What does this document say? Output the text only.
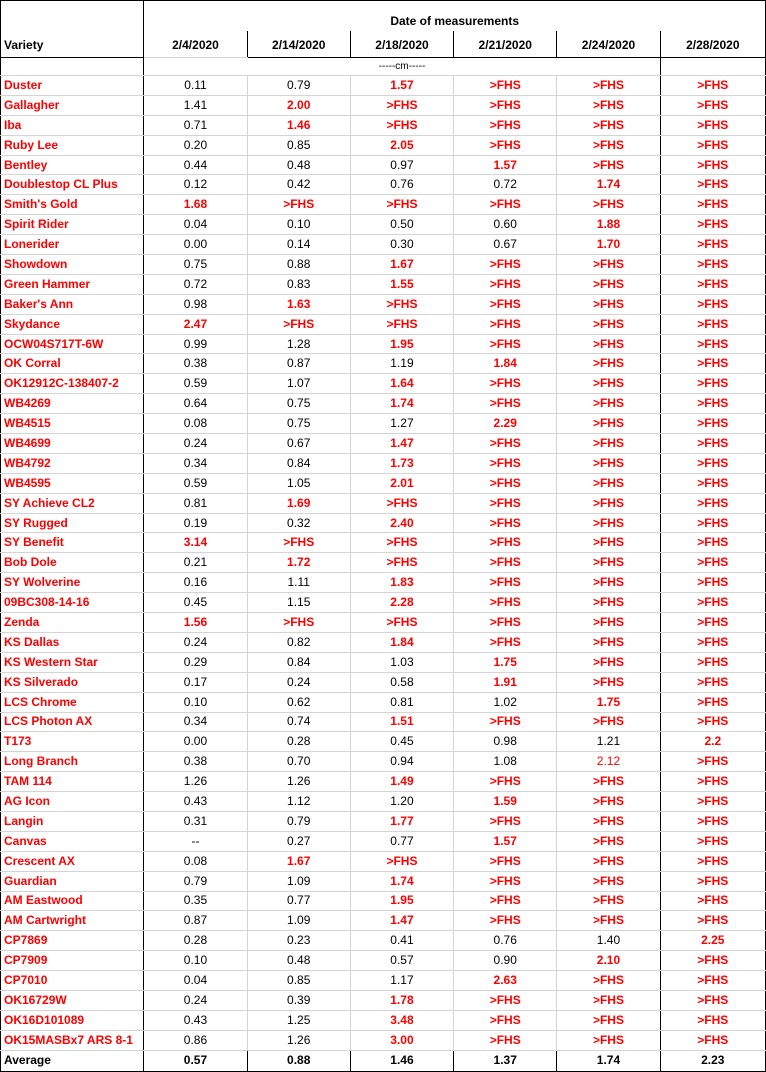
	Date of measurements					
Variety	2/4/2020	2/14/2020	2/18/2020	2/21/2020	2/24/2020	2/28/2020
			-----cm-----			
Duster	0.11	0.79	1.57	>FHS	>FHS	>FHS
Gallagher	1.41	2.00	>FHS	>FHS	>FHS	>FHS
Iba	0.71	1.46	>FHS	>FHS	>FHS	>FHS
Ruby Lee	0.20	0.85	2.05	>FHS	>FHS	>FHS
Bentley	0.44	0.48	0.97	1.57	>FHS	>FHS
Doublestop CL Plus	0.12	0.42	0.76	0.72	1.74	>FHS
Smith's Gold	1.68	>FHS	>FHS	>FHS	>FHS	>FHS
Spirit Rider	0.04	0.10	0.50	0.60	1.88	>FHS
Lonerider	0.00	0.14	0.30	0.67	1.70	>FHS
Showdown	0.75	0.88	1.67	>FHS	>FHS	>FHS
Green Hammer	0.72	0.83	1.55	>FHS	>FHS	>FHS
Baker's Ann	0.98	1.63	>FHS	>FHS	>FHS	>FHS
Skydance	2.47	>FHS	>FHS	>FHS	>FHS	>FHS
OCW04S717T-6W	0.99	1.28	1.95	>FHS	>FHS	>FHS
OK Corral	0.38	0.87	1.19	1.84	>FHS	>FHS
OK12912C-138407-2	0.59	1.07	1.64	>FHS	>FHS	>FHS
WB4269	0.64	0.75	1.74	>FHS	>FHS	>FHS
WB4515	0.08	0.75	1.27	2.29	>FHS	>FHS
WB4699	0.24	0.67	1.47	>FHS	>FHS	>FHS
WB4792	0.34	0.84	1.73	>FHS	>FHS	>FHS
WB4595	0.59	1.05	2.01	>FHS	>FHS	>FHS
SY Achieve CL2	0.81	1.69	>FHS	>FHS	>FHS	>FHS
SY Rugged	0.19	0.32	2.40	>FHS	>FHS	>FHS
SY Benefit	3.14	>FHS	>FHS	>FHS	>FHS	>FHS
Bob Dole	0.21	1.72	>FHS	>FHS	>FHS	>FHS
SY Wolverine	0.16	1.11	1.83	>FHS	>FHS	>FHS
09BC308-14-16	0.45	1.15	2.28	>FHS	>FHS	>FHS
Zenda	1.56	>FHS	>FHS	>FHS	>FHS	>FHS
KS Dallas	0.24	0.82	1.84	>FHS	>FHS	>FHS
KS Western Star	0.29	0.84	1.03	1.75	>FHS	>FHS
KS Silverado	0.17	0.24	0.58	1.91	>FHS	>FHS
LCS Chrome	0.10	0.62	0.81	1.02	1.75	>FHS
LCS Photon AX	0.34	0.74	1.51	>FHS	>FHS	>FHS
T173	0.00	0.28	0.45	0.98	1.21	2.2
Long Branch	0.38	0.70	0.94	1.08	2.12	>FHS
TAM 114	1.26	1.26	1.49	>FHS	>FHS	>FHS
AG Icon	0.43	1.12	1.20	1.59	>FHS	>FHS
Langin	0.31	0.79	1.77	>FHS	>FHS	>FHS
Canvas	--	0.27	0.77	1.57	>FHS	>FHS
Crescent AX	0.08	1.67	>FHS	>FHS	>FHS	>FHS
Guardian	0.79	1.09	1.74	>FHS	>FHS	>FHS
AM Eastwood	0.35	0.77	1.95	>FHS	>FHS	>FHS
AM Cartwright	0.87	1.09	1.47	>FHS	>FHS	>FHS
CP7869	0.28	0.23	0.41	0.76	1.40	2.25
CP7909	0.10	0.48	0.57	0.90	2.10	>FHS
CP7010	0.04	0.85	1.17	2.63	>FHS	>FHS
OK16729W	0.24	0.39	1.78	>FHS	>FHS	>FHS
OK16D101089	0.43	1.25	3.48	>FHS	>FHS	>FHS
OK15MASBx7 ARS 8-1	0.86	1.26	3.00	>FHS	>FHS	>FHS
Average	0.57	0.88	1.46	1.37	1.74	2.23
